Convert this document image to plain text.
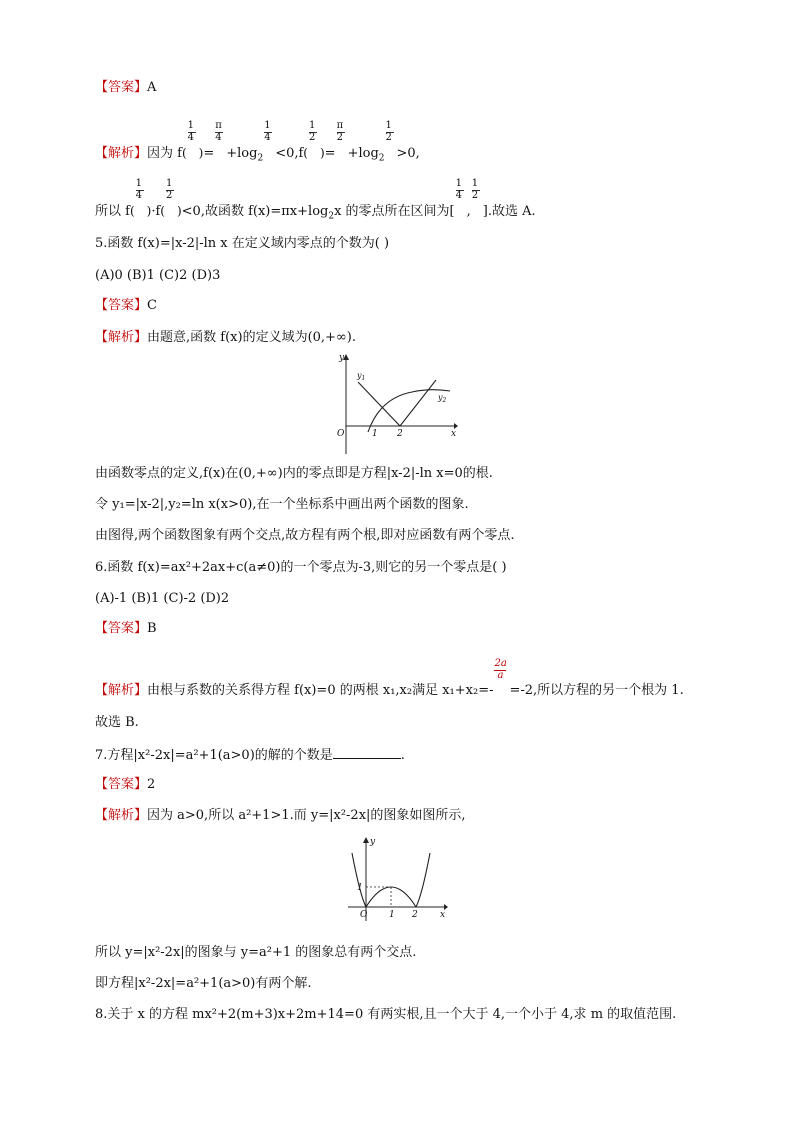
【答案】A
【解析】因为 $f( \frac{1}{4}$ )= $\frac{\pi}{4} +\log_2 \frac{1}{4} <0,f( \frac{1}{2}$ )= $\frac{\pi}{2} +\log_2 \frac{1}{2} >0$,
所以 $f( \frac{1}{4} )\cdot f( \frac{1}{2} )<0$,故函数 $f(x)=\pi x+\log_2x$ 的零点所在区间为[ $\frac{1}{4}$ , $\frac{1}{2}$ ].故选 A.
5.函数 f(x)=|x-2|-ln x 在定义域内零点的个数为( )
(A)0 (B)1 (C)2 (D)3
【答案】C
【解析】由题意,函数 f(x)的定义域为(0,+∞).
y
x
O	1 2
$y_1$
$y_2$
由函数零点的定义,f(x)在(0,+∞)内的零点即是方程|x-2|-ln x=0的根.
令 y₁=|x-2|,y₂=ln x(x>0),在一个坐标系中画出两个函数的图象.
由图得,两个函数图象有两个交点,故方程有两个根,即对应函数有两个零点.
6.函数 f(x)=ax²+2ax+c(a≠0)的一个零点为-3,则它的另一个零点是( )
(A)-1 (B)1 (C)-2 (D)2
【答案】B
【解析】由根与系数的关系得方程 f(x)=0 的两根 x₁,x₂满足 $x_1+x_2=- \frac{2a}{a} =-2$,所以方程的另一个根为 1.
故选 B.
7.方程|x²-2x|=a²+1(a>0)的解的个数是	.
【答案】2
【解析】因为 a>0,所以 a²+1>1.而 y=|x²-2x|的图象如图所示,
y
x
O 1 2
1
所以 y=|x²-2x|的图象与 y=a²+1 的图象总有两个交点.
即方程|x²-2x|=a²+1(a>0)有两个解.
8.关于 x 的方程 mx²+2(m+3)x+2m+14=0 有两实根,且一个大于 4,一个小于 4,求 m 的取值范围.
